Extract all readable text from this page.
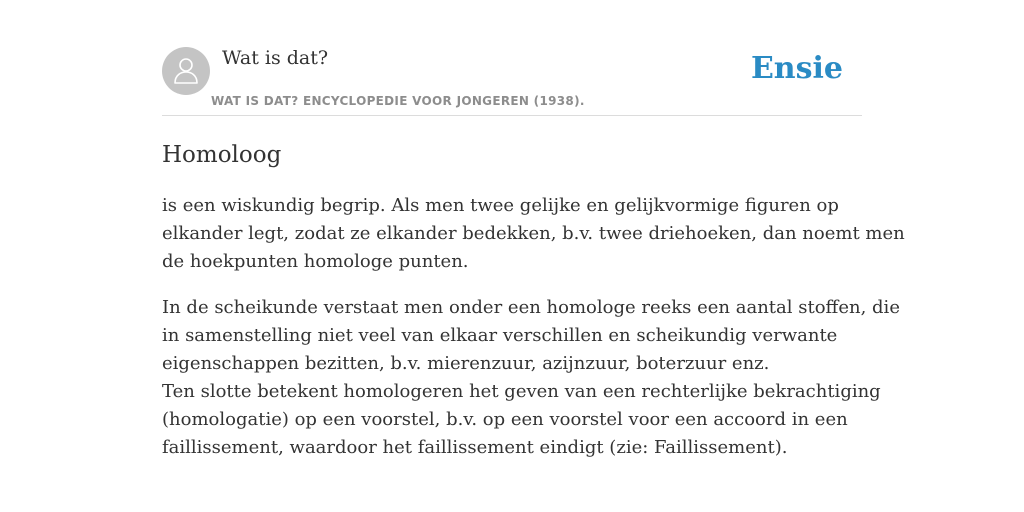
Wat is dat?
WAT IS DAT? ENCYCLOPEDIE VOOR JONGEREN (1938).
Ensie
Homoloog

is een wiskundig begrip. Als men twee gelijke en gelijkvormige figuren op
elkander legt, zodat ze elkander bedekken, b.v. twee driehoeken, dan noemt men
de hoekpunten homologe punten.

In de scheikunde verstaat men onder een homologe reeks een aantal stoffen, die
in samenstelling niet veel van elkaar verschillen en scheikundig verwante
eigenschappen bezitten, b.v. mierenzuur, azijnzuur, boterzuur enz.
Ten slotte betekent homologeren het geven van een rechterlijke bekrachtiging
(homologatie) op een voorstel, b.v. op een voorstel voor een accoord in een
faillissement, waardoor het faillissement eindigt (zie: Faillissement).
